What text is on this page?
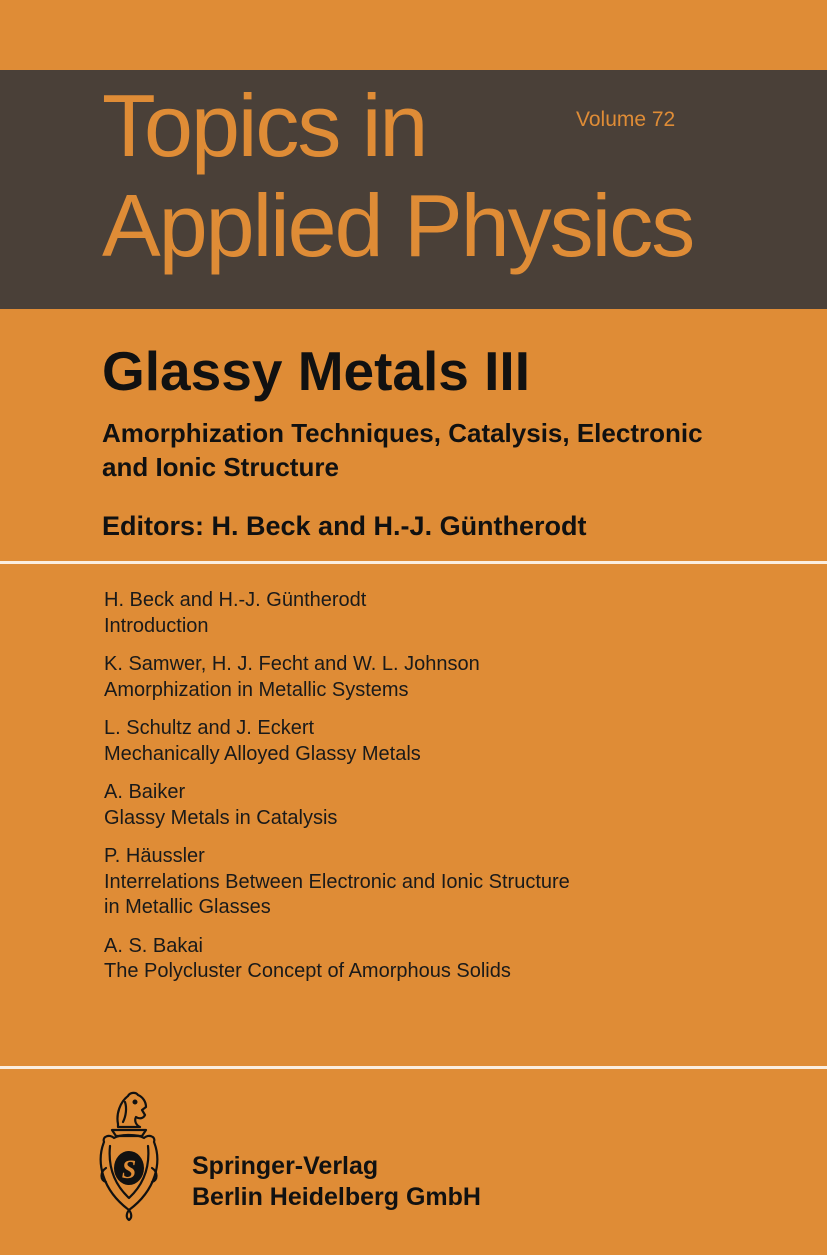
Topics in
Applied Physics
Volume 72
Glassy Metals III
Amorphization Techniques, Catalysis, Electronic
and Ionic Structure
Editors: H. Beck and H.-J. Güntherodt
H. Beck and H.-J. Güntherodt
Introduction
K. Samwer, H. J. Fecht and W. L. Johnson
Amorphization in Metallic Systems
L. Schultz and J. Eckert
Mechanically Alloyed Glassy Metals
A. Baiker
Glassy Metals in Catalysis
P. Häussler
Interrelations Between Electronic and Ionic Structure
in Metallic Glasses
A. S. Bakai
The Polycluster Concept of Amorphous Solids
S Springer-Verlag
Berlin Heidelberg GmbH
